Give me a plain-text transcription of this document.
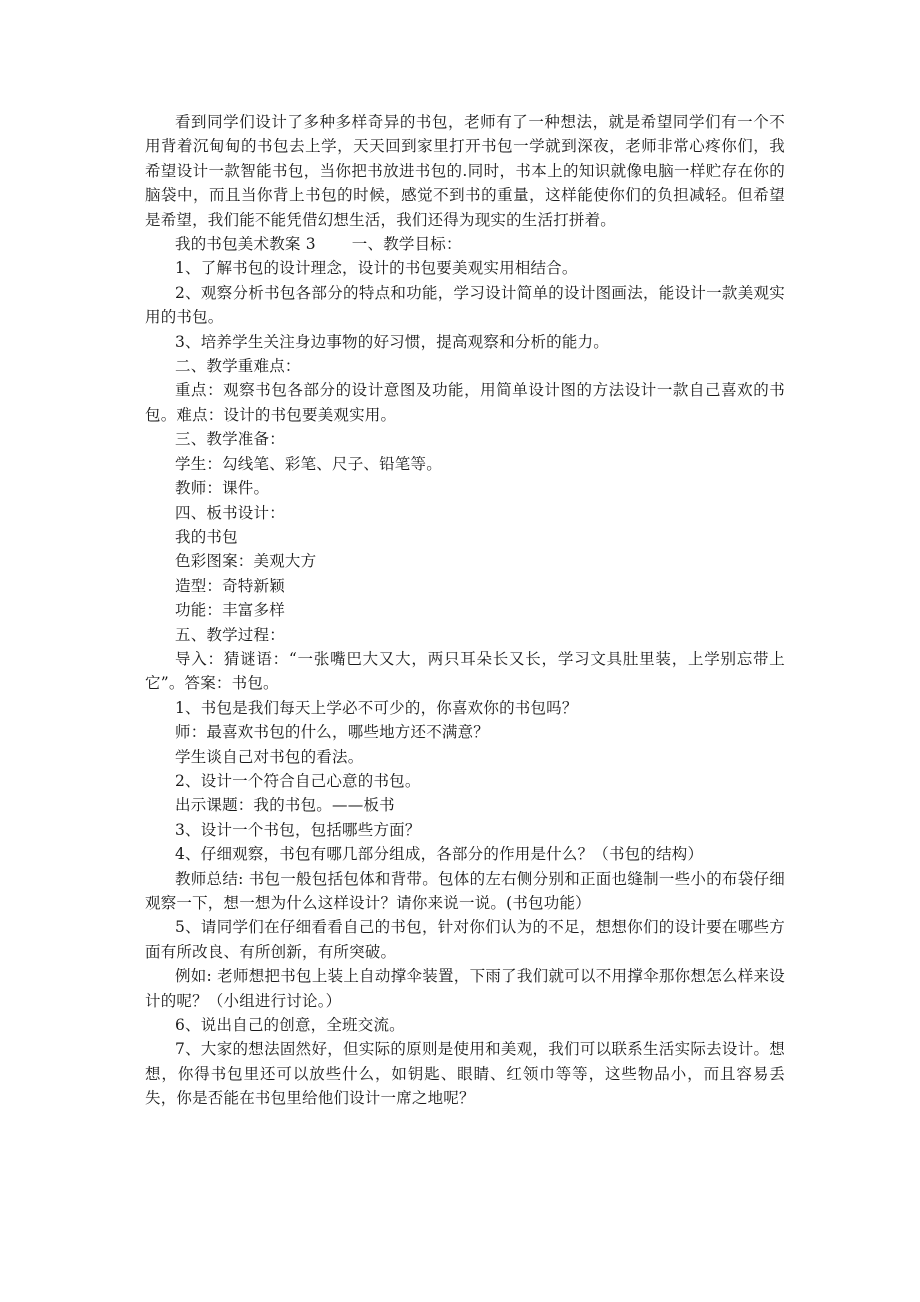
看到同学们设计了多种多样奇异的书包，老师有了一种想法，就是希望同学们有一个不用背着沉甸甸的书包去上学，天天回到家里打开书包一学就到深夜，老师非常心疼你们，我希望设计一款智能书包，当你把书放进书包的.同时，书本上的知识就像电脑一样贮存在你的脑袋中，而且当你背上书包的时候，感觉不到书的重量，这样能使你们的负担减轻。但希望是希望，我们能不能凭借幻想生活，我们还得为现实的生活打拼着。

我的书包美术教案 3 一、教学目标：

1、了解书包的设计理念，设计的书包要美观实用相结合。

2、观察分析书包各部分的特点和功能，学习设计简单的设计图画法，能设计一款美观实用的书包。

3、培养学生关注身边事物的好习惯，提高观察和分析的能力。

二、教学重难点：

重点：观察书包各部分的设计意图及功能，用简单设计图的方法设计一款自己喜欢的书包。难点：设计的书包要美观实用。

三、教学准备：

学生：勾线笔、彩笔、尺子、铅笔等。

教师：课件。

四、板书设计：

我的书包

色彩图案：美观大方

造型：奇特新颖

功能：丰富多样

五、教学过程：

导入：猜谜语：“一张嘴巴大又大，两只耳朵长又长，学习文具肚里装，上学别忘带上它”。答案：书包。

1、书包是我们每天上学必不可少的，你喜欢你的书包吗？

师：最喜欢书包的什么，哪些地方还不满意？

学生谈自己对书包的看法。

2、设计一个符合自己心意的书包。

出示课题：我的书包。——板书

3、设计一个书包，包括哪些方面？

4、仔细观察，书包有哪几部分组成，各部分的作用是什么？（书包的结构）

教师总结: 书包一般包括包体和背带。包体的左右侧分别和正面也缝制一些小的布袋仔细观察一下，想一想为什么这样设计？请你来说一说。(书包功能）

5、请同学们在仔细看看自己的书包，针对你们认为的不足，想想你们的设计要在哪些方面有所改良、有所创新，有所突破。

例如: 老师想把书包上装上自动撑伞装置，下雨了我们就可以不用撑伞那你想怎么样来设计的呢？（小组进行讨论。）

6、说出自己的创意，全班交流。

7、大家的想法固然好，但实际的原则是使用和美观，我们可以联系生活实际去设计。想想，你得书包里还可以放些什么，如钥匙、眼睛、红领巾等等，这些物品小，而且容易丢失，你是否能在书包里给他们设计一席之地呢？
